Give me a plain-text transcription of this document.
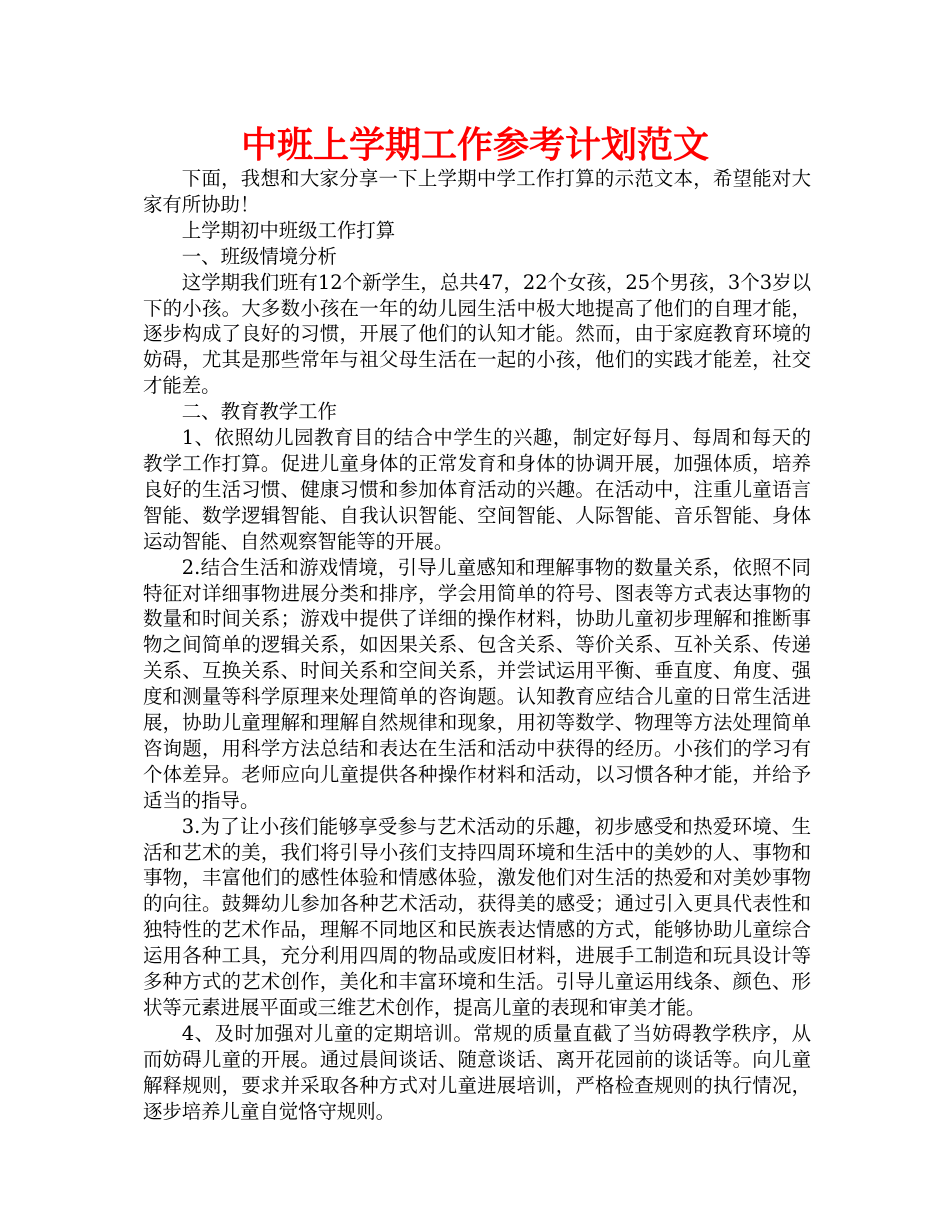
中班上学期工作参考计划范文

下面，我想和大家分享一下上学期中学工作打算的示范文本，希望能对大家有所协助！

上学期初中班级工作打算

一、班级情境分析

这学期我们班有12个新学生，总共47，22个女孩，25个男孩，3个3岁以下的小孩。大多数小孩在一年的幼儿园生活中极大地提高了他们的自理才能，逐步构成了良好的习惯，开展了他们的认知才能。然而，由于家庭教育环境的妨碍，尤其是那些常年与祖父母生活在一起的小孩，他们的实践才能差，社交才能差。

二、教育教学工作

1、依照幼儿园教育目的结合中学生的兴趣，制定好每月、每周和每天的教学工作打算。促进儿童身体的正常发育和身体的协调开展，加强体质，培养良好的生活习惯、健康习惯和参加体育活动的兴趣。在活动中，注重儿童语言智能、数学逻辑智能、自我认识智能、空间智能、人际智能、音乐智能、身体运动智能、自然观察智能等的开展。

2.结合生活和游戏情境，引导儿童感知和理解事物的数量关系，依照不同特征对详细事物进展分类和排序，学会用简单的符号、图表等方式表达事物的数量和时间关系；游戏中提供了详细的操作材料，协助儿童初步理解和推断事物之间简单的逻辑关系，如因果关系、包含关系、等价关系、互补关系、传递关系、互换关系、时间关系和空间关系，并尝试运用平衡、垂直度、角度、强度和测量等科学原理来处理简单的咨询题。认知教育应结合儿童的日常生活进展，协助儿童理解和理解自然规律和现象，用初等数学、物理等方法处理简单咨询题，用科学方法总结和表达在生活和活动中获得的经历。小孩们的学习有个体差异。老师应向儿童提供各种操作材料和活动，以习惯各种才能，并给予适当的指导。

3.为了让小孩们能够享受参与艺术活动的乐趣，初步感受和热爱环境、生活和艺术的美，我们将引导小孩们支持四周环境和生活中的美妙的人、事物和事物，丰富他们的感性体验和情感体验，激发他们对生活的热爱和对美妙事物的向往。鼓舞幼儿参加各种艺术活动，获得美的感受；通过引入更具代表性和独特性的艺术作品，理解不同地区和民族表达情感的方式，能够协助儿童综合运用各种工具，充分利用四周的物品或废旧材料，进展手工制造和玩具设计等多种方式的艺术创作，美化和丰富环境和生活。引导儿童运用线条、颜色、形状等元素进展平面或三维艺术创作，提高儿童的表现和审美才能。

4、及时加强对儿童的定期培训。常规的质量直截了当妨碍教学秩序，从而妨碍儿童的开展。通过晨间谈话、随意谈话、离开花园前的谈话等。向儿童解释规则，要求并采取各种方式对儿童进展培训，严格检查规则的执行情况，逐步培养儿童自觉恪守规则。
